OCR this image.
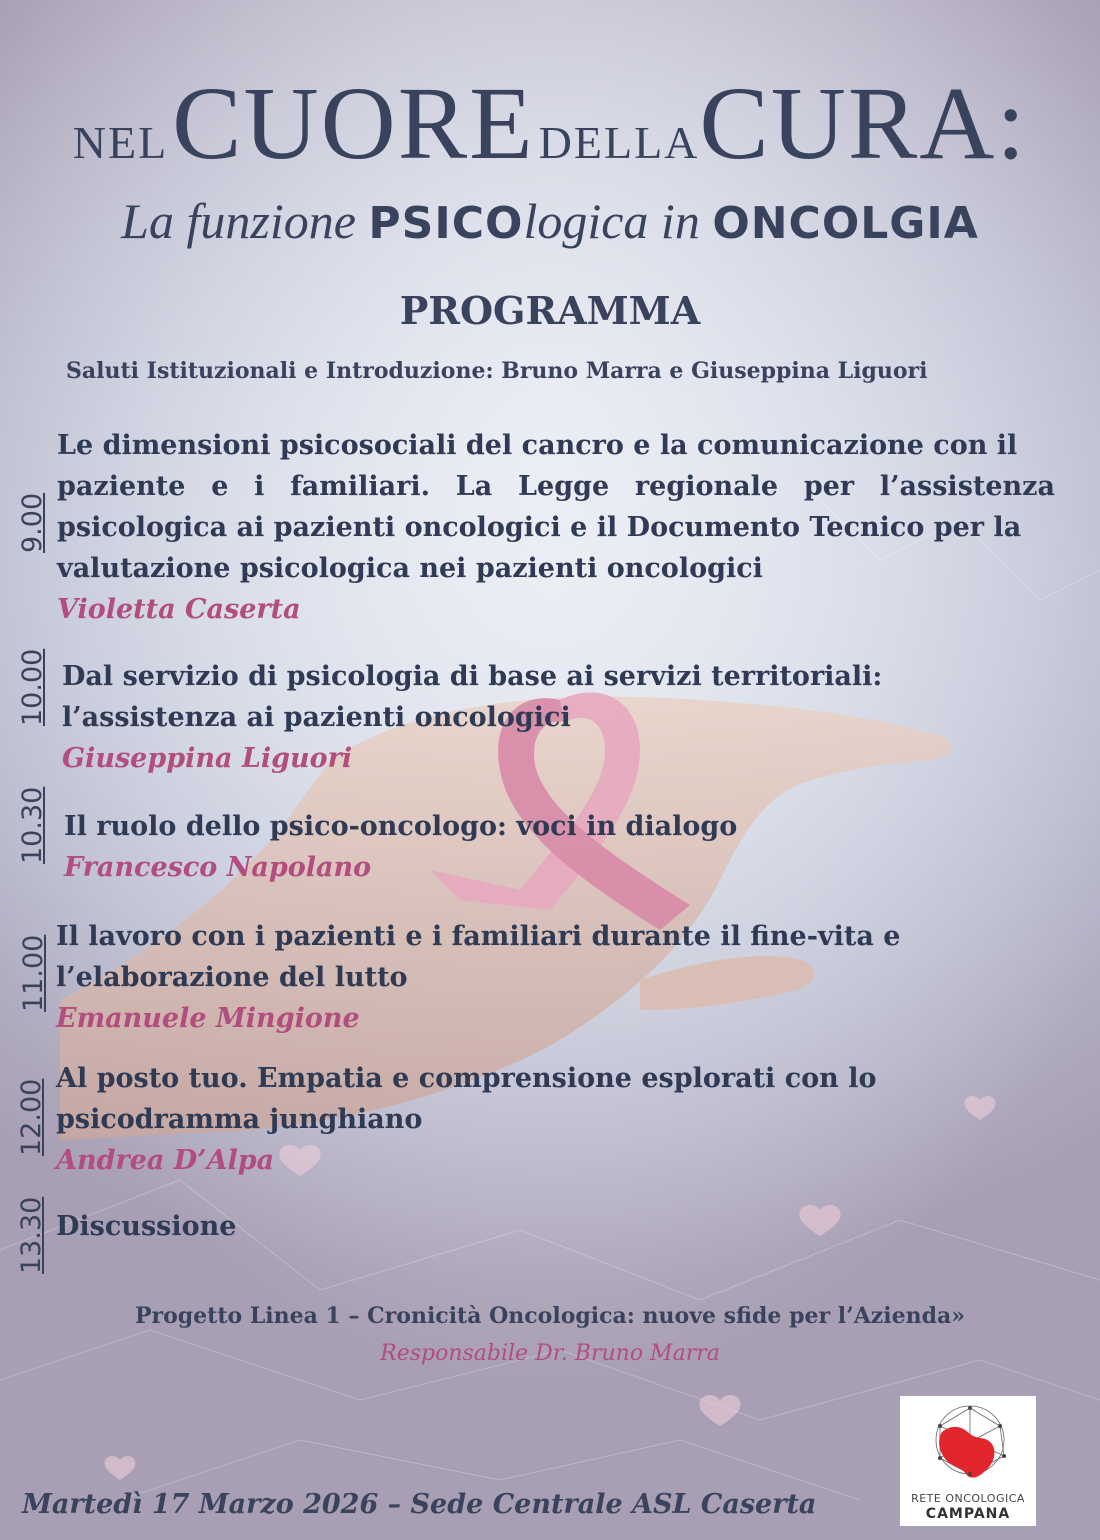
NEL CUORE DELLACURA:
La funzione PSICOlogica in ONCOLGIA
PROGRAMMA
Saluti Istituzionali e Introduzione: Bruno Marra e Giuseppina Liguori
9.00
Le dimensioni psicosociali del cancro e la comunicazione con il
paziente e i familiari. La Legge regionale per l’assistenza
psicologica ai pazienti oncologici e il Documento Tecnico per la
valutazione psicologica nei pazienti oncologici
Violetta Caserta
10.00 Dal servizio di psicologia di base ai servizi territoriali:
l’assistenza ai pazienti oncologici
Giuseppina Liguori
10.30 Il ruolo dello psico-oncologo: voci in dialogo
Francesco Napolano
11.00 Il lavoro con i pazienti e i familiari durante il fine-vita e
l’elaborazione del lutto
Emanuele Mingione
12.00
Al posto tuo. Empatia e comprensione esplorati con lo
psicodramma junghiano
Andrea D’Alpa
13.30 Discussione
Progetto Linea 1 – Cronicità Oncologica: nuove sfide per l’Azienda»
Responsabile Dr. Bruno Marra
Martedì 17 Marzo 2026 – Sede Centrale ASL Caserta	RETE ONCOLOGICA
CAMPANA
